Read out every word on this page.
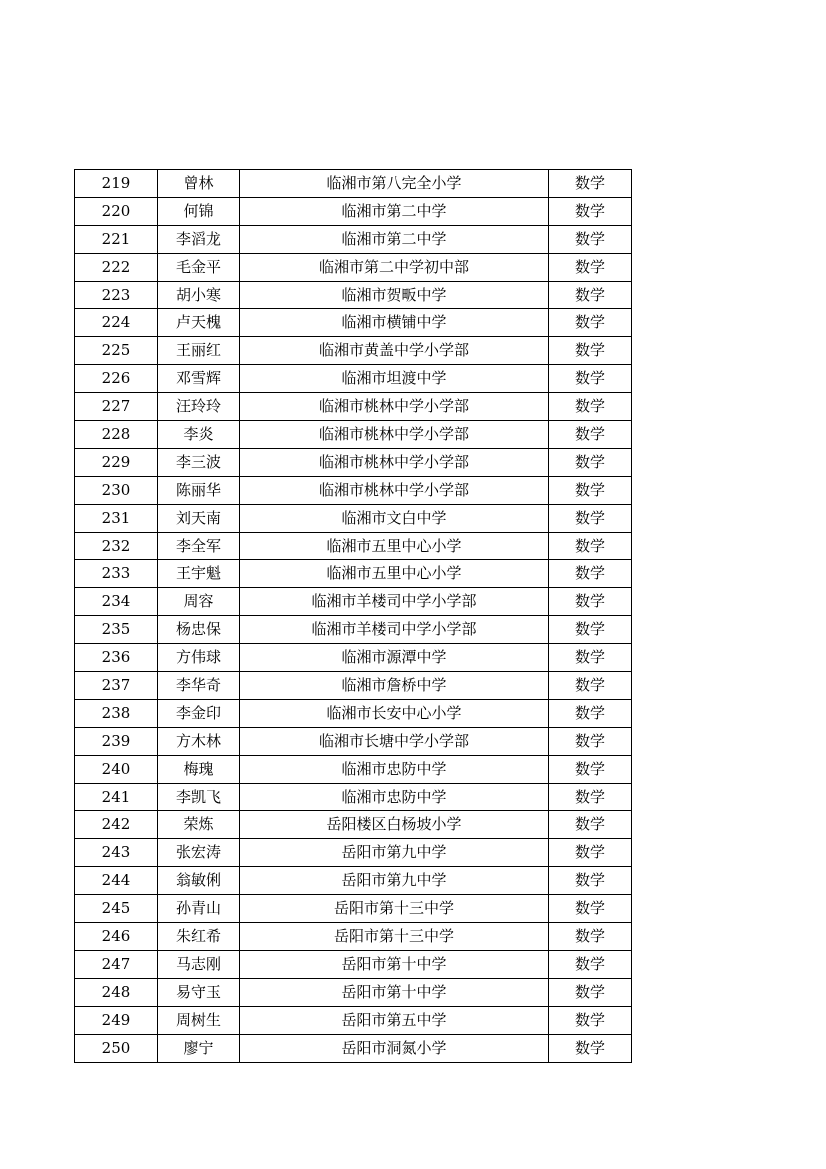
219	曾林	临湘市第八完全小学	数学
220	何锦	临湘市第二中学	数学
221	李滔龙	临湘市第二中学	数学
222	毛金平	临湘市第二中学初中部	数学
223	胡小寒	临湘市贺畈中学	数学
224	卢天槐	临湘市横铺中学	数学
225	王丽红	临湘市黄盖中学小学部	数学
226	邓雪辉	临湘市坦渡中学	数学
227	汪玲玲	临湘市桃林中学小学部	数学
228	李炎	临湘市桃林中学小学部	数学
229	李三波	临湘市桃林中学小学部	数学
230	陈丽华	临湘市桃林中学小学部	数学
231	刘天南	临湘市文白中学	数学
232	李全军	临湘市五里中心小学	数学
233	王宇魁	临湘市五里中心小学	数学
234	周容	临湘市羊楼司中学小学部	数学
235	杨忠保	临湘市羊楼司中学小学部	数学
236	方伟球	临湘市源潭中学	数学
237	李华奇	临湘市詹桥中学	数学
238	李金印	临湘市长安中心小学	数学
239	方木林	临湘市长塘中学小学部	数学
240	梅瑰	临湘市忠防中学	数学
241	李凯飞	临湘市忠防中学	数学
242	荣炼	岳阳楼区白杨坡小学	数学
243	张宏涛	岳阳市第九中学	数学
244	翁敏俐	岳阳市第九中学	数学
245	孙青山	岳阳市第十三中学	数学
246	朱红希	岳阳市第十三中学	数学
247	马志刚	岳阳市第十中学	数学
248	易守玉	岳阳市第十中学	数学
249	周树生	岳阳市第五中学	数学
250	廖宁	岳阳市洞氮小学	数学
